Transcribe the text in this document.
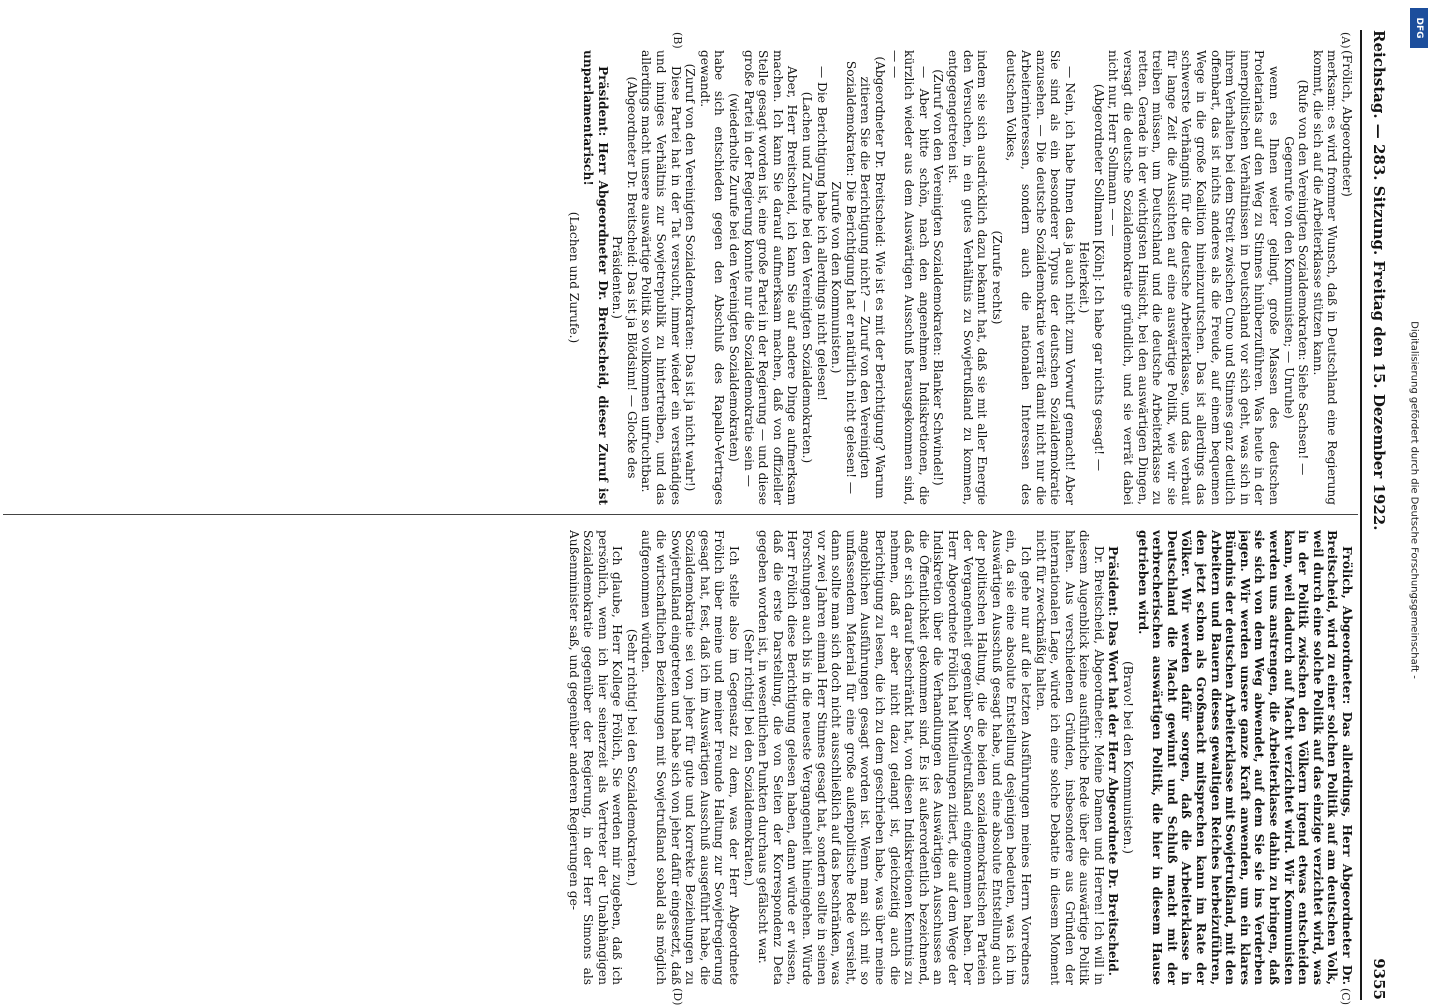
Reichstag. — 283. Sitzung. Freitag den 15. Dezember 1922.
9355
(A)
(B)
(C)
(D)

(Frölich, Abgeordneter)

merksam: es wird frommer Wunsch, daß in Deutschland eine Regierung kommt, die sich auf die Arbeiterklasse stützen kann.

(Rufe von den Vereinigten Sozialdemokraten: Siehe Sachsen! — Gegenrufe von den Kommunisten; — Unruhe)

wenn es Ihnen weiter gelingt, große Massen des deutschen Proletariats auf den Weg zu Stinnes hinüberzuführen. Was heute in der innerpolitischen Verhältnissen in Deutschland vor sich geht, was sich in ihrem Verhalten bei dem Streit zwischen Cuno und Stinnes ganz deutlich offenbart, das ist nichts anderes als die Freude, auf einem bequemen Wege in die große Koalition hineinzurutschen. Das ist allerdings das schwerste Verhängnis für die deutsche Arbeiterklasse, und das verbaut für lange Zeit die Aussichten auf eine auswärtige Politik, wie wir sie treiben müssen, um Deutschland und die deutsche Arbeiterklasse zu retten. Gerade in der wichtigsten Hinsicht, bei den auswärtigen Dingen, versagt die deutsche Sozialdemokratie gründlich, und sie verrät dabei nicht nur, Herr Sollmann — —

(Abgeordneter Sollmann [Köln]: Ich habe gar nichts gesagt! — Heiterkeit.)

— Nein, ich habe Ihnen das ja auch nicht zum Vorwurf gemacht! Aber Sie sind als ein besonderer Typus der deutschen Sozialdemokratie anzusehen. — Die deutsche Sozialdemokratie verrät damit nicht nur die Arbeiterinteressen, sondern auch die nationalen Interessen des deutschen Volkes,

(Zurufe rechts)

indem sie sich ausdrücklich dazu bekannt hat, daß sie mit aller Energie den Versuchen, in ein gutes Verhältnis zu Sowjetrußland zu kommen, entgegengetreten ist.

(Zuruf von den Vereinigten Sozialdemokraten: Blanker Schwindel!)

— Aber bitte schön, nach den angenehmen Indiskretionen, die kürzlich wieder aus dem Auswärtigen Ausschuß herausgekommen sind, — —

(Abgeordneter Dr. Breitscheid: Wie ist es mit der Berichtigung? Warum zitieren Sie die Berichtigung nicht? — Zuruf von den Vereinigten Sozialdemokraten: Die Berichtigung hat er natürlich nicht gelesen! — Zurufe von den Kommunisten.)

— Die Berichtigung habe ich allerdings nicht gelesen!

(Lachen und Zurufe bei den Vereinigten Sozialdemokraten.)

Aber, Herr Breitscheid, ich kann Sie auf andere Dinge aufmerksam machen. Ich kann Sie darauf aufmerksam machen, daß von offizieller Stelle gesagt worden ist, eine große Partei in der Regierung — und diese große Partei in der Regierung konnte nur die Sozialdemokratie sein —

(wiederholte Zurufe bei den Vereinigten Sozialdemokraten)

habe sich entschieden gegen den Abschluß des Rapallo-Vertrages gewandt.

(Zuruf von den Vereinigten Sozialdemokraten: Das ist ja nicht wahr!)

Diese Partei hat in der Tat versucht, immer wieder ein verständiges und inniges Verhältnis zur Sowjetrepublik zu hintertreiben, und das allerdings macht unsere auswärtige Politik so vollkommen unfruchtbar.

(Abgeordneter Dr. Breitscheid: Das ist ja Blödsinn! — Glocke des Präsidenten.)

Präsident: Herr Abgeordneter Dr. Breitscheid, dieser Zuruf ist unparlamentarisch!

(Lachen und Zurufe.)

Frölich, Abgeordneter: Das allerdings, Herr Abgeordneter Dr. Breitscheid, wird zu einer solchen Politik auf am deutschen Volk, weil durch eine solche Politik auf das einzige verzichtet wird, was in der Politik zwischen den Völkern irgend etwas entscheiden kann, weil dadurch auf Macht verzichtet wird. Wir Kommunisten werden uns anstrengen, die Arbeiterklasse dahin zu bringen, daß sie sich von dem Weg abwendet, auf dem Sie sie ins Verderben jagen. Wir werden unsere ganze Kraft anwenden, um ein klares Bündnis der deutschen Arbeiterklasse mit Sowjetrußland, mit den Arbeitern und Bauern dieses gewaltigen Reiches herbeizuführen, den jetzt schon als Großmacht mitsprechen kann im Rate der Völker. Wir werden dafür sorgen, daß die Arbeiterklasse in Deutschland die Macht gewinnt und Schluß macht mit der verbrecherischen auswärtigen Politik, die hier in diesem Hause getrieben wird.

(Bravo! bei den Kommunisten.)

Präsident: Das Wort hat der Herr Abgeordnete Dr. Breitscheid.

Dr. Breitscheid, Abgeordneter: Meine Damen und Herren! Ich will in diesem Augenblick keine ausführliche Rede über die auswärtige Politik halten. Aus verschiedenen Gründen, insbesondere aus Gründen der internationalen Lage, würde ich eine solche Debatte in diesem Moment nicht für zweckmäßig halten.

Ich gehe nur auf die letzten Ausführungen meines Herrn Vorredners ein, da sie eine absolute Entstellung desjenigen bedeuten, was ich im Auswärtigen Ausschuß gesagt habe, und eine absolute Entstellung auch der politischen Haltung, die die beiden sozialdemokratischen Parteien der Vergangenheit gegenüber Sowjetrußland eingenommen haben. Der Herr Abgeordnete Frölich hat Mitteilungen zitiert, die auf dem Wege der Indiskretion über die Verhandlungen des Auswärtigen Ausschusses an die Öffentlichkeit gekommen sind. Es ist außerordentlich bezeichnend, daß er sich darauf beschränkt hat, von diesen Indiskretionen Kenntnis zu nehmen, daß er aber nicht dazu gelangt ist, gleichzeitig auch die Berichtigung zu lesen, die ich zu dem geschrieben habe, was über meine angeblichen Ausführungen gesagt worden ist. Wenn man sich mit so umfassendem Material für eine große außenpolitische Rede versieht, dann sollte man sich doch nicht ausschließlich auf das beschränken, was vor zwei Jahren einmal Herr Stinnes gesagt hat, sondern sollte in seinen Forschungen auch bis in die neueste Vergangenheit hineingehen. Würde Herr Frölich diese Berichtigung gelesen haben, dann würde er wissen, daß die erste Darstellung, die von Seiten der Korrespondenz Deta gegeben worden ist, in wesentlichen Punkten durchaus gefälscht war.

(Sehr richtig! bei den Sozialdemokraten.)

Ich stelle also im Gegensatz zu dem, was der Herr Abgeordnete Frölich über meine und meiner Freunde Haltung zur Sowjetregierung gesagt hat, fest, daß ich im Auswärtigen Ausschuß ausgeführt habe, die Sozialdemokratie sei von jeher für gute und korrekte Beziehungen zu Sowjetrußland eingetreten und habe sich von jeher dafür eingesetzt, daß die wirtschaftlichen Beziehungen mit Sowjetrußland sobald als möglich aufgenommen würden.

(Sehr richtig! bei den Sozialdemokraten.)

Ich glaube, Herr Kollege Frölich, Sie werden mir zugeben, daß ich persönlich, wenn ich hier seinerzeit als Vertreter der Unabhängigen Sozialdemokratie gegenüber der Regierung, in der Herr Simons als Außenminister saß, und gegenüber anderen Regierungen ge-

Digitalisierung gefördert durch die Deutsche Forschungsgemeinschaft -
DFG
